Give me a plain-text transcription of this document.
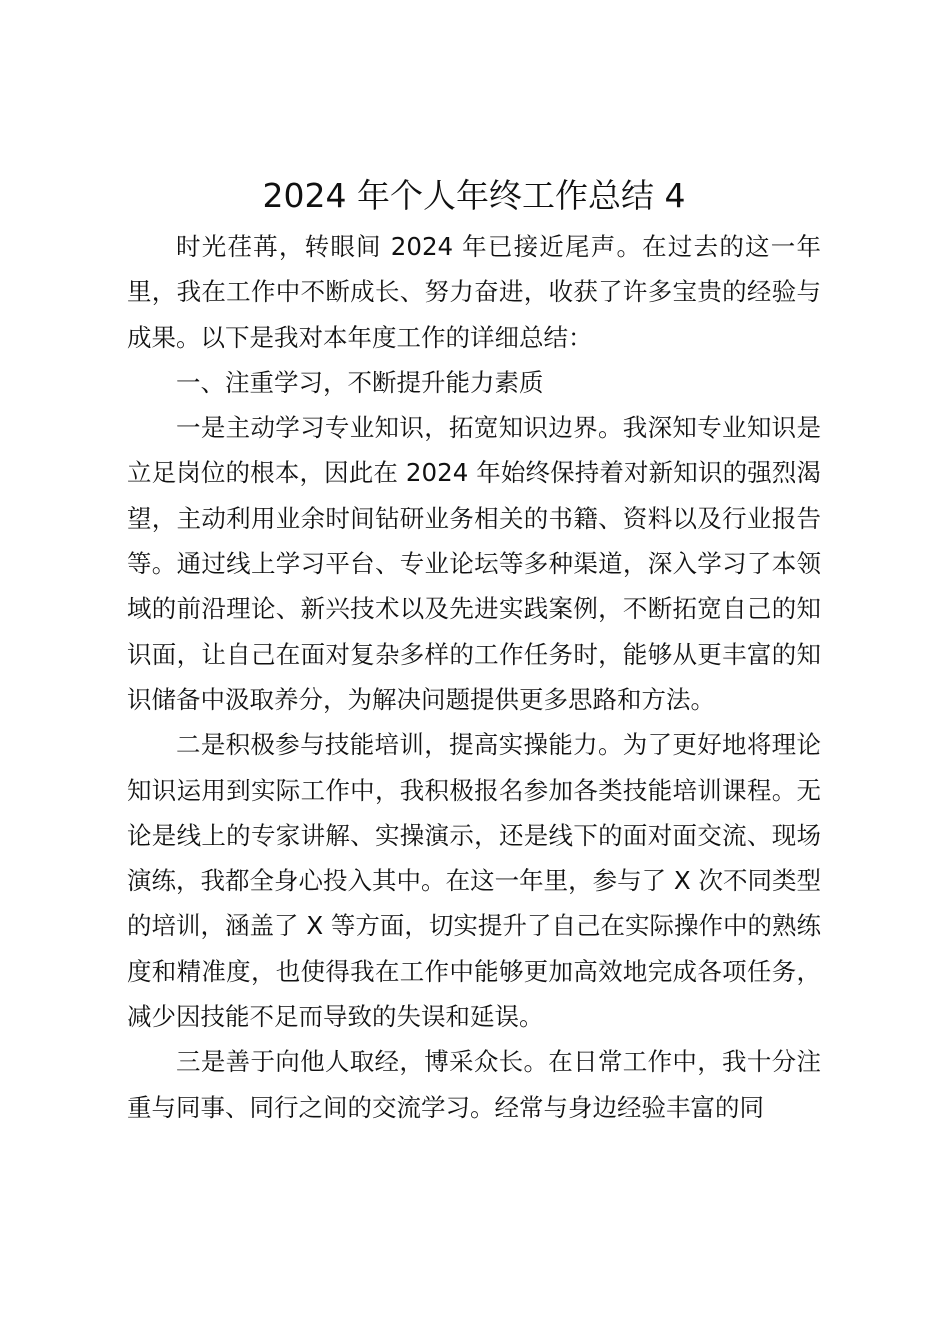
2024 年个人年终工作总结 4

时光荏苒，转眼间 2024 年已接近尾声。在过去的这一年里，我在工作中不断成长、努力奋进，收获了许多宝贵的经验与成果。以下是我对本年度工作的详细总结：

一、注重学习，不断提升能力素质

一是主动学习专业知识，拓宽知识边界。我深知专业知识是立足岗位的根本，因此在 2024 年始终保持着对新知识的强烈渴望，主动利用业余时间钻研业务相关的书籍、资料以及行业报告等。通过线上学习平台、专业论坛等多种渠道，深入学习了本领域的前沿理论、新兴技术以及先进实践案例，不断拓宽自己的知识面，让自己在面对复杂多样的工作任务时，能够从更丰富的知识储备中汲取养分，为解决问题提供更多思路和方法。

二是积极参与技能培训，提高实操能力。为了更好地将理论知识运用到实际工作中，我积极报名参加各类技能培训课程。无论是线上的专家讲解、实操演示，还是线下的面对面交流、现场演练，我都全身心投入其中。在这一年里，参与了 X 次不同类型的培训，涵盖了 X 等方面，切实提升了自己在实际操作中的熟练度和精准度，也使得我在工作中能够更加高效地完成各项任务，减少因技能不足而导致的失误和延误。

三是善于向他人取经，博采众长。在日常工作中，我十分注重与同事、同行之间的交流学习。经常与身边经验丰富的同
